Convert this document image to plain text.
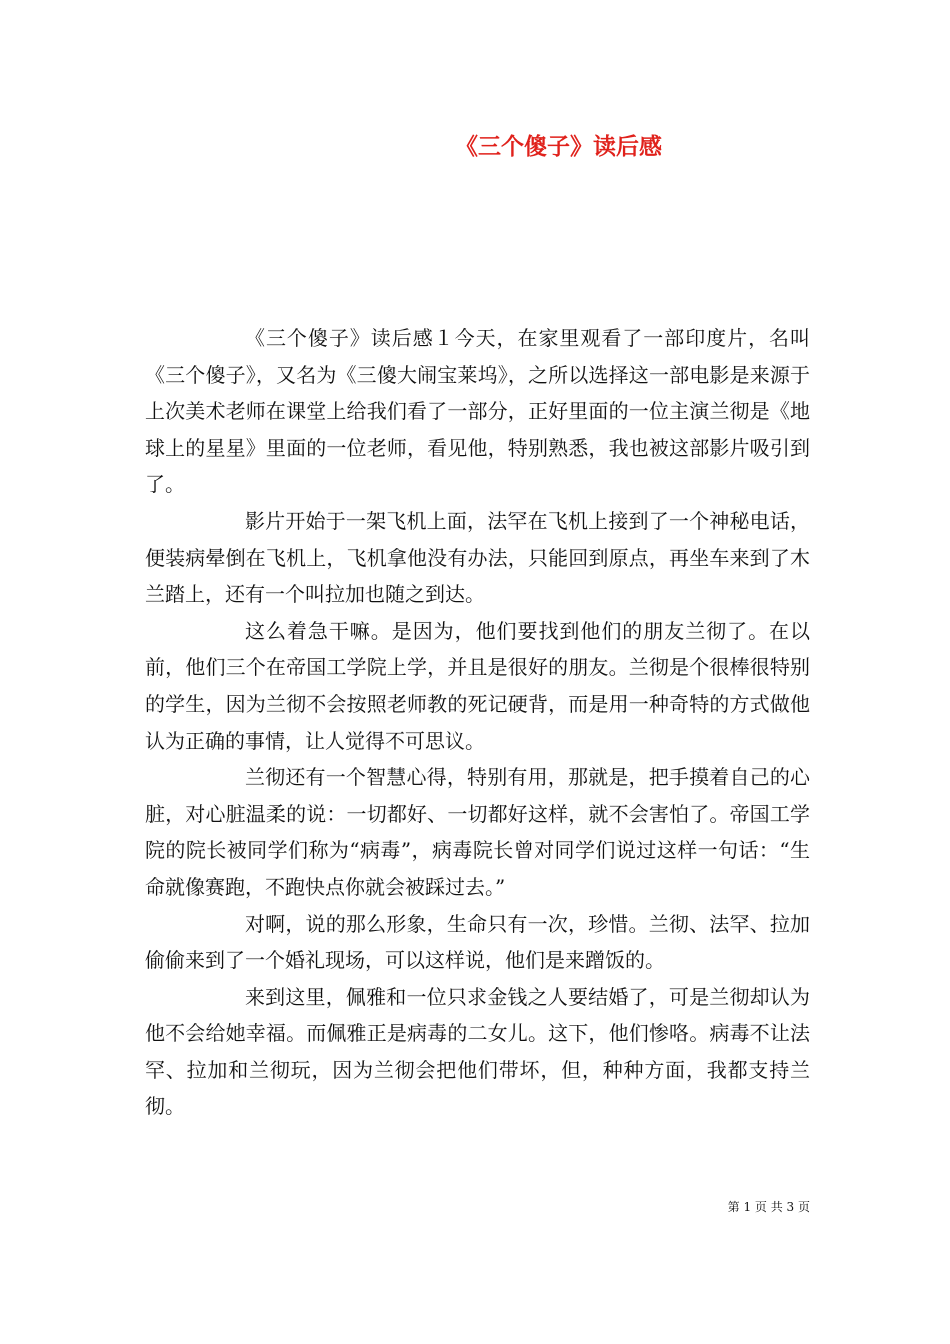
《三个傻子》读后感

《三个傻子》读后感１今天，在家里观看了一部印度片，名叫《三个傻子》，又名为《三傻大闹宝莱坞》，之所以选择这一部电影是来源于上次美术老师在课堂上给我们看了一部分，正好里面的一位主演兰彻是《地球上的星星》里面的一位老师，看见他，特别熟悉，我也被这部影片吸引到了。

影片开始于一架飞机上面，法罕在飞机上接到了一个神秘电话，便装病晕倒在飞机上，飞机拿他没有办法，只能回到原点，再坐车来到了木兰踏上，还有一个叫拉加也随之到达。

这么着急干嘛。是因为，他们要找到他们的朋友兰彻了。在以前，他们三个在帝国工学院上学，并且是很好的朋友。兰彻是个很棒很特别的学生，因为兰彻不会按照老师教的死记硬背，而是用一种奇特的方式做他认为正确的事情，让人觉得不可思议。

兰彻还有一个智慧心得，特别有用，那就是，把手摸着自己的心脏，对心脏温柔的说：一切都好、一切都好这样，就不会害怕了。帝国工学院的院长被同学们称为“病毒”，病毒院长曾对同学们说过这样一句话：“生命就像赛跑，不跑快点你就会被踩过去。”

对啊，说的那么形象，生命只有一次，珍惜。兰彻、法罕、拉加偷偷来到了一个婚礼现场，可以这样说，他们是来蹭饭的。

来到这里，佩雅和一位只求金钱之人要结婚了，可是兰彻却认为他不会给她幸福。而佩雅正是病毒的二女儿。这下，他们惨咯。病毒不让法罕、拉加和兰彻玩，因为兰彻会把他们带坏，但，种种方面，我都支持兰彻。

第 1 页 共 3 页
